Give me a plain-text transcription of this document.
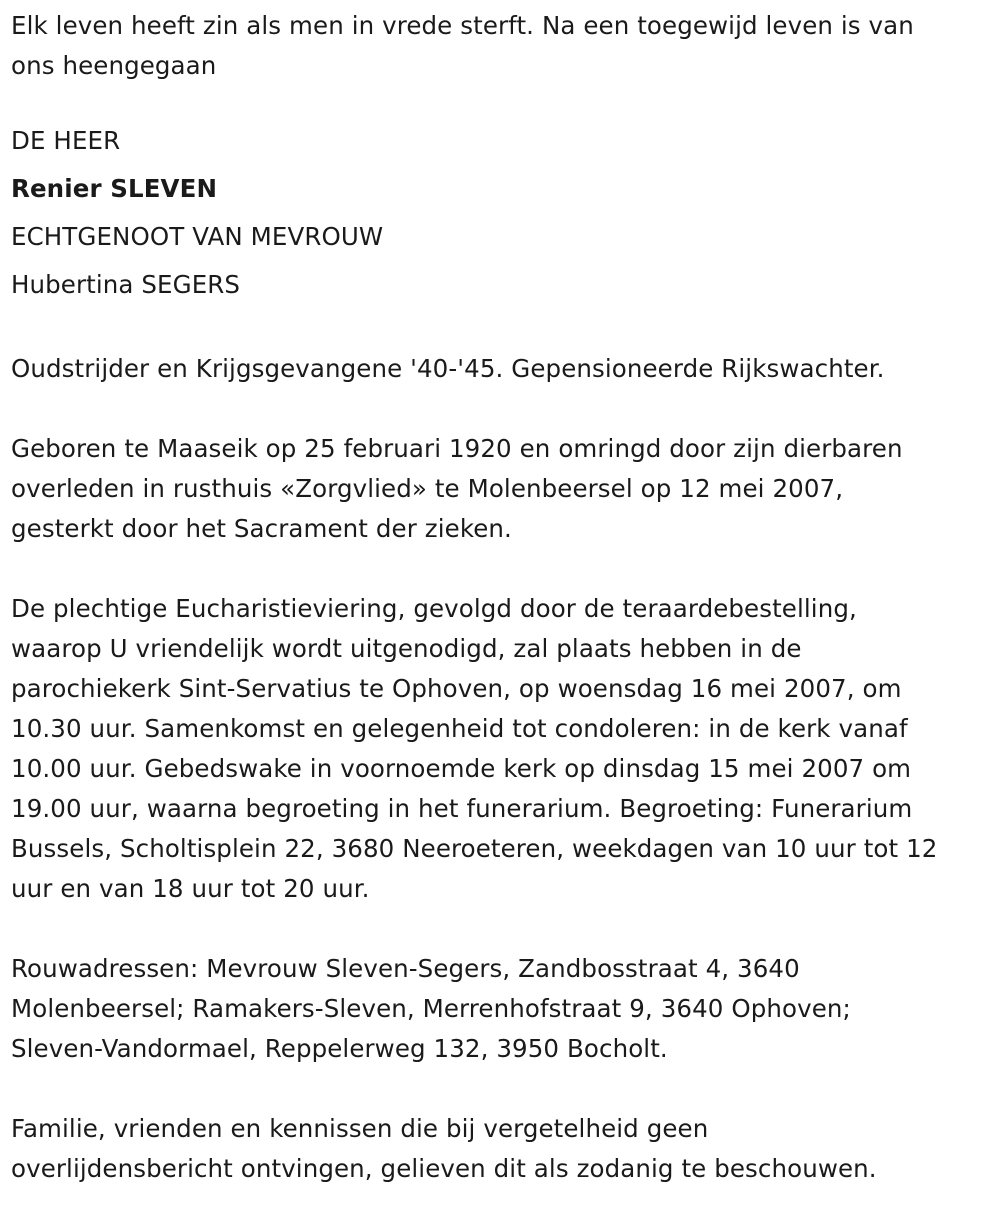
Elk leven heeft zin als men in vrede sterft. Na een toegewijd leven is van
ons heengegaan

DE HEER
Renier SLEVEN
ECHTGENOOT VAN MEVROUW
Hubertina SEGERS

Oudstrijder en Krijgsgevangene '40-'45. Gepensioneerde Rijkswachter.

Geboren te Maaseik op 25 februari 1920 en omringd door zijn dierbaren
overleden in rusthuis «Zorgvlied» te Molenbeersel op 12 mei 2007,
gesterkt door het Sacrament der zieken.

De plechtige Eucharistieviering, gevolgd door de teraardebestelling,
waarop U vriendelijk wordt uitgenodigd, zal plaats hebben in de
parochiekerk Sint-Servatius te Ophoven, op woensdag 16 mei 2007, om
10.30 uur. Samenkomst en gelegenheid tot condoleren: in de kerk vanaf
10.00 uur. Gebedswake in voornoemde kerk op dinsdag 15 mei 2007 om
19.00 uur, waarna begroeting in het funerarium. Begroeting: Funerarium
Bussels, Scholtisplein 22, 3680 Neeroeteren, weekdagen van 10 uur tot 12
uur en van 18 uur tot 20 uur.

Rouwadressen: Mevrouw Sleven-Segers, Zandbosstraat 4, 3640
Molenbeersel; Ramakers-Sleven, Merrenhofstraat 9, 3640 Ophoven;
Sleven-Vandormael, Reppelerweg 132, 3950 Bocholt.

Familie, vrienden en kennissen die bij vergetelheid geen
overlijdensbericht ontvingen, gelieven dit als zodanig te beschouwen.
